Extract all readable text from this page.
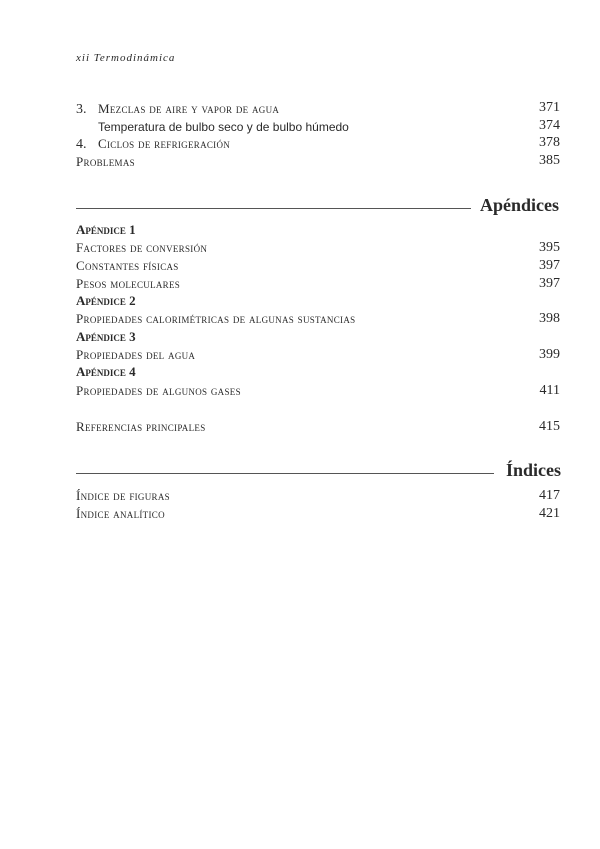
xii Termodinámica
3. Mezclas de aire y vapor de agua	371
Temperatura de bulbo seco y de bulbo húmedo	374
4. Ciclos de refrigeración	378
Problemas	385
Apéndices
Apéndice 1
Factores de conversión	395
Constantes físicas	397
Pesos moleculares	397
Apéndice 2
Propiedades calorimétricas de algunas sustancias	398
Apéndice 3
Propiedades del agua	399
Apéndice 4
Propiedades de algunos gases	411
Referencias principales	415
Índices
Índice de figuras	417
Índice analítico	421
